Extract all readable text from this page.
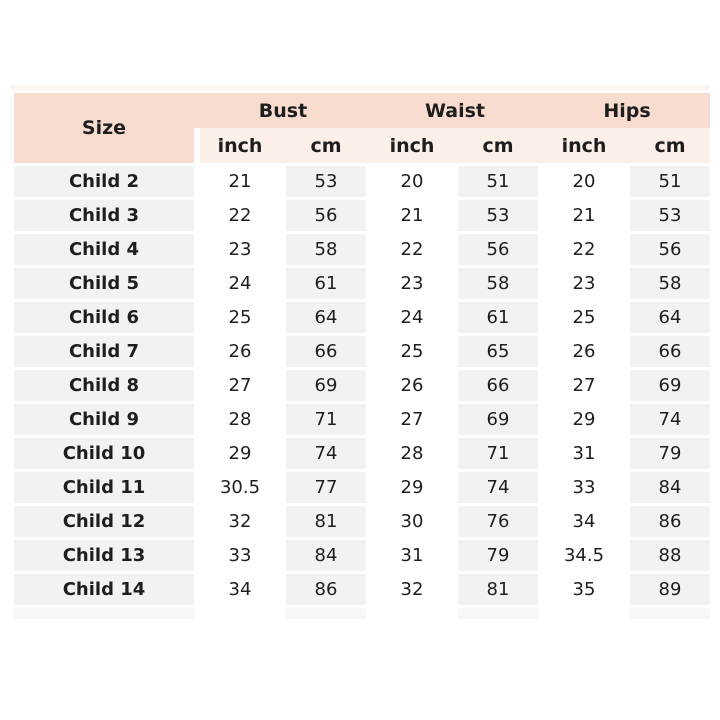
Size
Bust	Waist	Hips
inch	cm	inch	cm	inch	cm
Child 2	21	53	20	51	20	51
Child 3	22	56	21	53	21	53
Child 4	23	58	22	56	22	56
Child 5	24	61	23	58	23	58
Child 6	25	64	24	61	25	64
Child 7	26	66	25	65	26	66
Child 8	27	69	26	66	27	69
Child 9	28	71	27	69	29	74
Child 10	29	74	28	71	31	79
Child 11	30.5	77	29	74	33	84
Child 12	32	81	30	76	34	86
Child 13	33	84	31	79	34.5	88
Child 14	34	86	32	81	35	89
